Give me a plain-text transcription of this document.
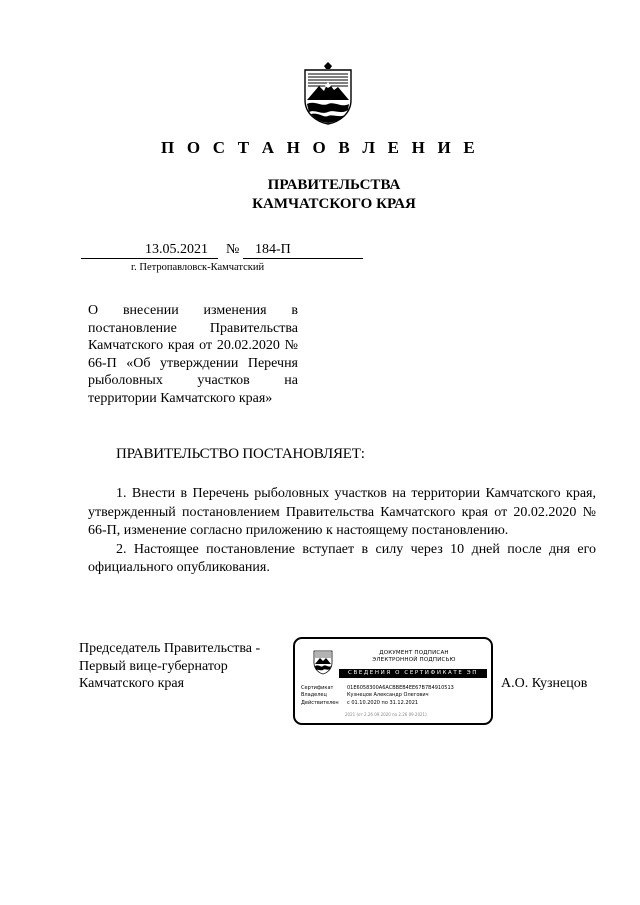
П О С Т А Н О В Л Е Н И Е
ПРАВИТЕЛЬСТВА
КАМЧАТСКОГО КРАЯ
13.05.2021	№	184-П
г. Петропавловск-Камчатский
О внесении изменения в постановление Правительства Камчатского края от 20.02.2020 № 66-П «Об утверждении Перечня рыболовных участков на территории Камчатского края»
ПРАВИТЕЛЬСТВО ПОСТАНОВЛЯЕТ:

1. Внести в Перечень рыболовных участков на территории Камчатского края, утвержденный постановлением Правительства Камчатского края от 20.02.2020 № 66-П, изменение согласно приложению к настоящему постановлению.

2. Настоящее постановление вступает в силу через 10 дней после дня его официального опубликования.

Председатель Правительства -
Первый вице-губернатор
Камчатского края
ДОКУМЕНТ ПОДПИСАН
ЭЛЕКТРОННОЙ ПОДПИСЬЮ
СВЕДЕНИЯ О СЕРТИФИКАТЕ ЭП
Сертификат	01E6058300A6ACBBEB4EE67B7B4910513
Владелец	Кузнецов Александр Олегович
Действителен	с 01.10.2020 по 31.12.2021
2021 (от 2.26 09.2020 по 2.26 09.2021)
А.О. Кузнецов
